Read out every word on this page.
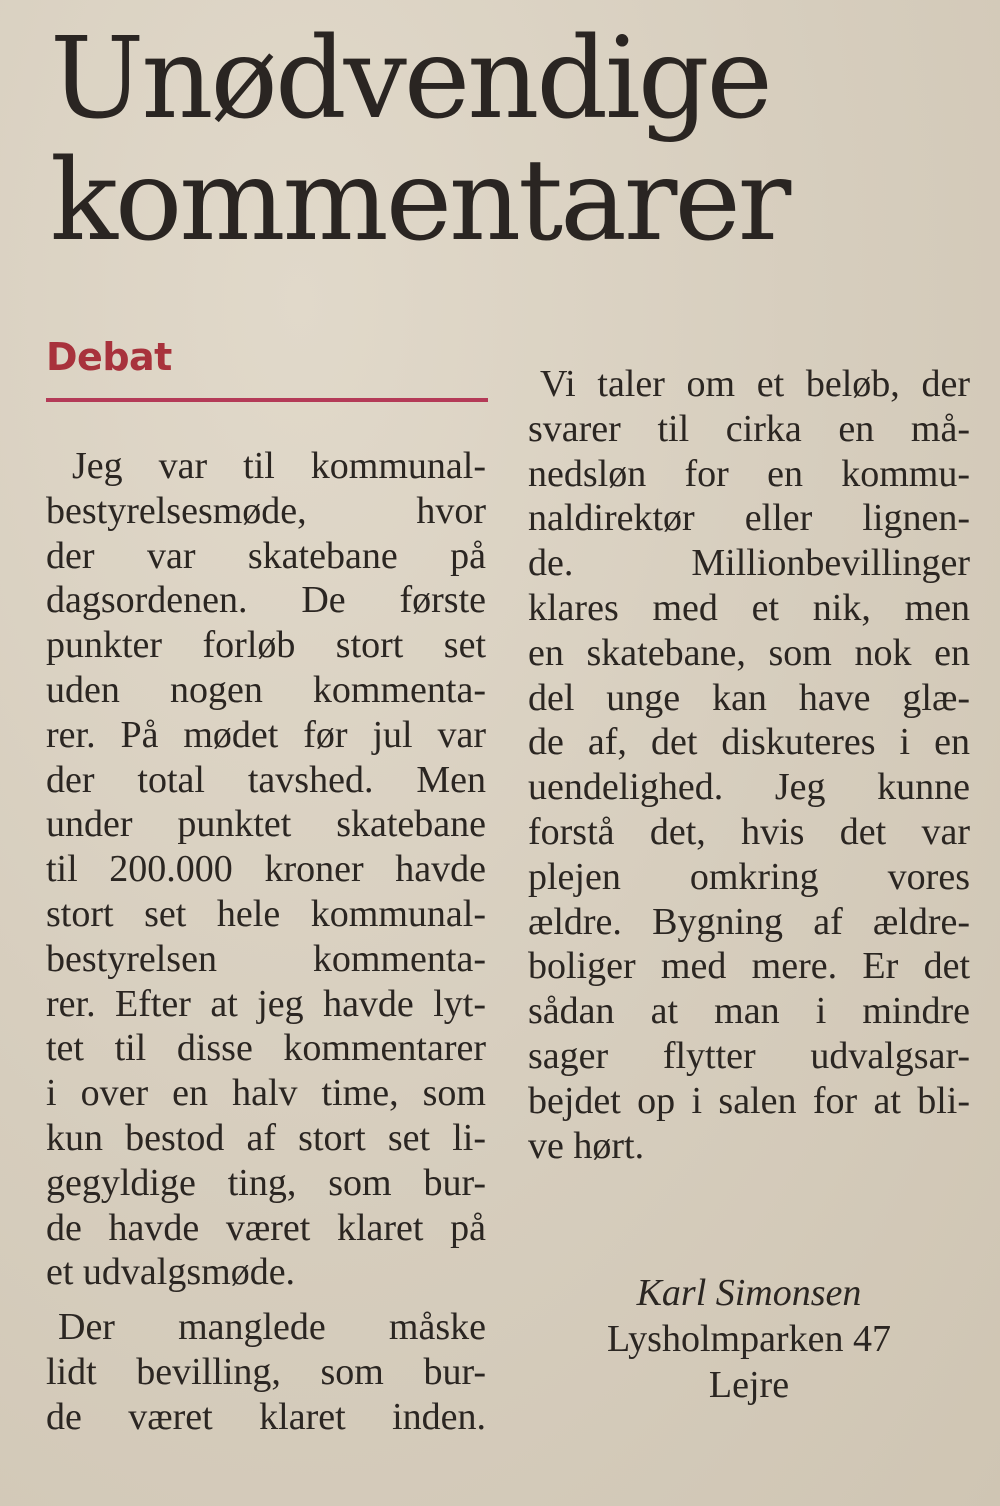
Unødvendige
kommentarer
Debat
Jeg var til kommunal-
bestyrelsesmøde, hvor
der var skatebane på
dagsordenen. De første
punkter forløb stort set
uden nogen kommenta-
rer. På mødet før jul var
der total tavshed. Men
under punktet skatebane
til 200.000 kroner havde
stort set hele kommunal-
bestyrelsen kommenta-
rer. Efter at jeg havde lyt-
tet til disse kommentarer
i over en halv time, som
kun bestod af stort set li-
gegyldige ting, som bur-
de havde været klaret på
et udvalgsmøde.
Der manglede måske
lidt bevilling, som bur-
de været klaret inden.
Vi taler om et beløb, der
svarer til cirka en må-
nedsløn for en kommu-
naldirektør eller lignen-
de. Millionbevillinger
klares med et nik, men
en skatebane, som nok en
del unge kan have glæ-
de af, det diskuteres i en
uendelighed. Jeg kunne
forstå det, hvis det var
plejen omkring vores
ældre. Bygning af ældre-
boliger med mere. Er det
sådan at man i mindre
sager flytter udvalgsar-
bejdet op i salen for at bli-
ve hørt.
Karl Simonsen
Lysholmparken 47
Lejre
